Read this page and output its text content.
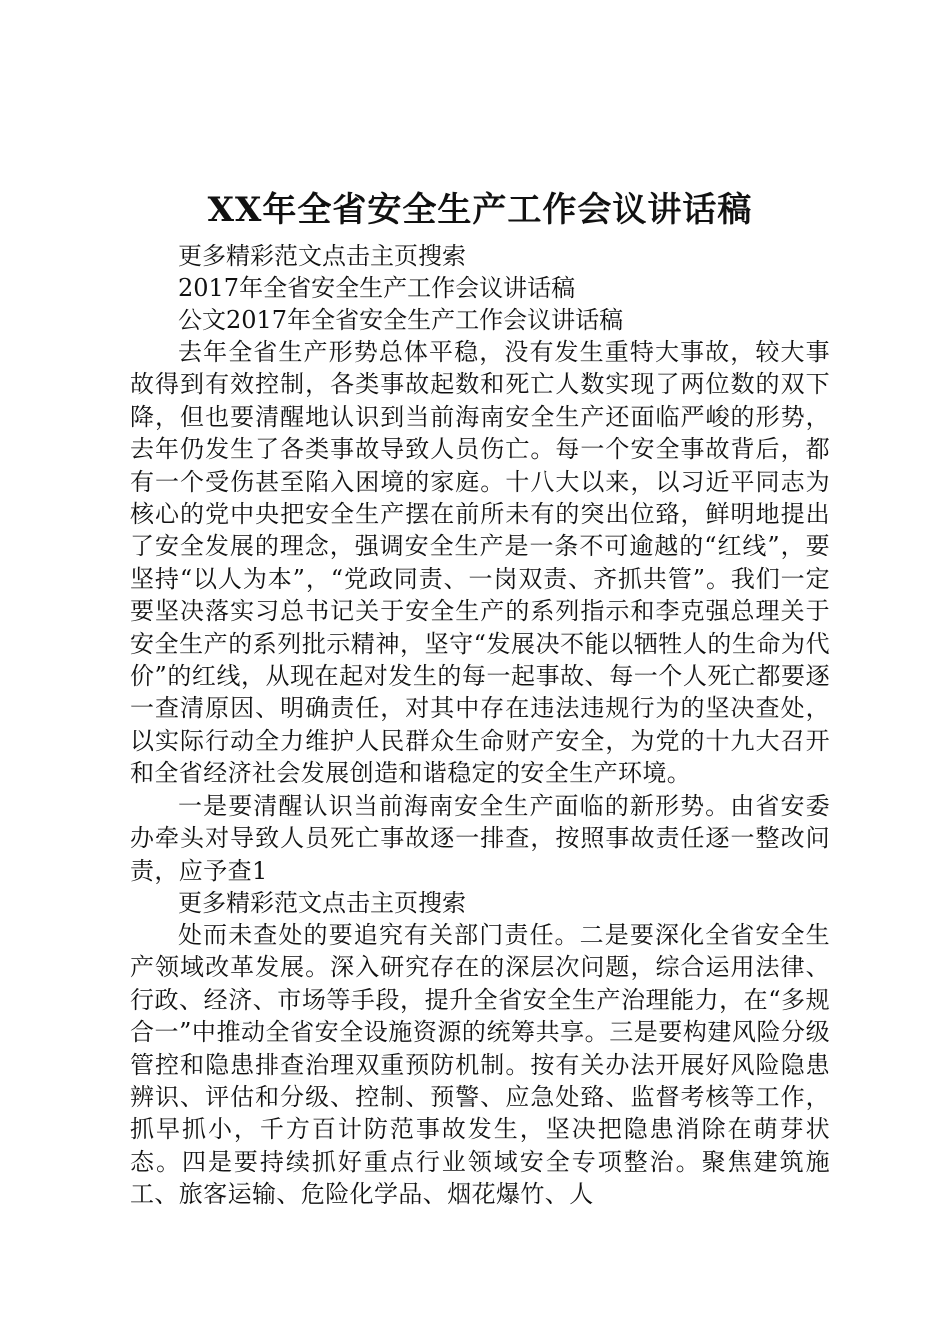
XX年全省安全生产工作会议讲话稿

更多精彩范文点击主页搜索

2017年全省安全生产工作会议讲话稿

公文2017年全省安全生产工作会议讲话稿

去年全省生产形势总体平稳，没有发生重特大事故，较大事故得到有效控制，各类事故起数和死亡人数实现了两位数的双下降，但也要清醒地认识到当前海南安全生产还面临严峻的形势，去年仍发生了各类事故导致人员伤亡。每一个安全事故背后，都有一个受伤甚至陷入困境的家庭。十八大以来，以习近平同志为核心的党中央把安全生产摆在前所未有的突出位臵，鲜明地提出了安全发展的理念，强调安全生产是一条不可逾越的“红线”，要坚持“以人为本”，“党政同责、一岗双责、齐抓共管”。我们一定要坚决落实习总书记关于安全生产的系列指示和李克强总理关于安全生产的系列批示精神，坚守“发展决不能以牺牲人的生命为代价”的红线，从现在起对发生的每一起事故、每一个人死亡都要逐一查清原因、明确责任，对其中存在违法违规行为的坚决查处，以实际行动全力维护人民群众生命财产安全，为党的十九大召开和全省经济社会发展创造和谐稳定的安全生产环境。

一是要清醒认识当前海南安全生产面临的新形势。由省安委办牵头对导致人员死亡事故逐一排查，按照事故责任逐一整改问责，应予查1

更多精彩范文点击主页搜索

处而未查处的要追究有关部门责任。二是要深化全省安全生产领域改革发展。深入研究存在的深层次问题，综合运用法律、行政、经济、市场等手段，提升全省安全生产治理能力，在“多规合一”中推动全省安全设施资源的统筹共享。三是要构建风险分级管控和隐患排查治理双重预防机制。按有关办法开展好风险隐患辨识、评估和分级、控制、预警、应急处臵、监督考核等工作，抓早抓小，千方百计防范事故发生，坚决把隐患消除在萌芽状态。四是要持续抓好重点行业领域安全专项整治。聚焦建筑施工、旅客运输、危险化学品、烟花爆竹、人
